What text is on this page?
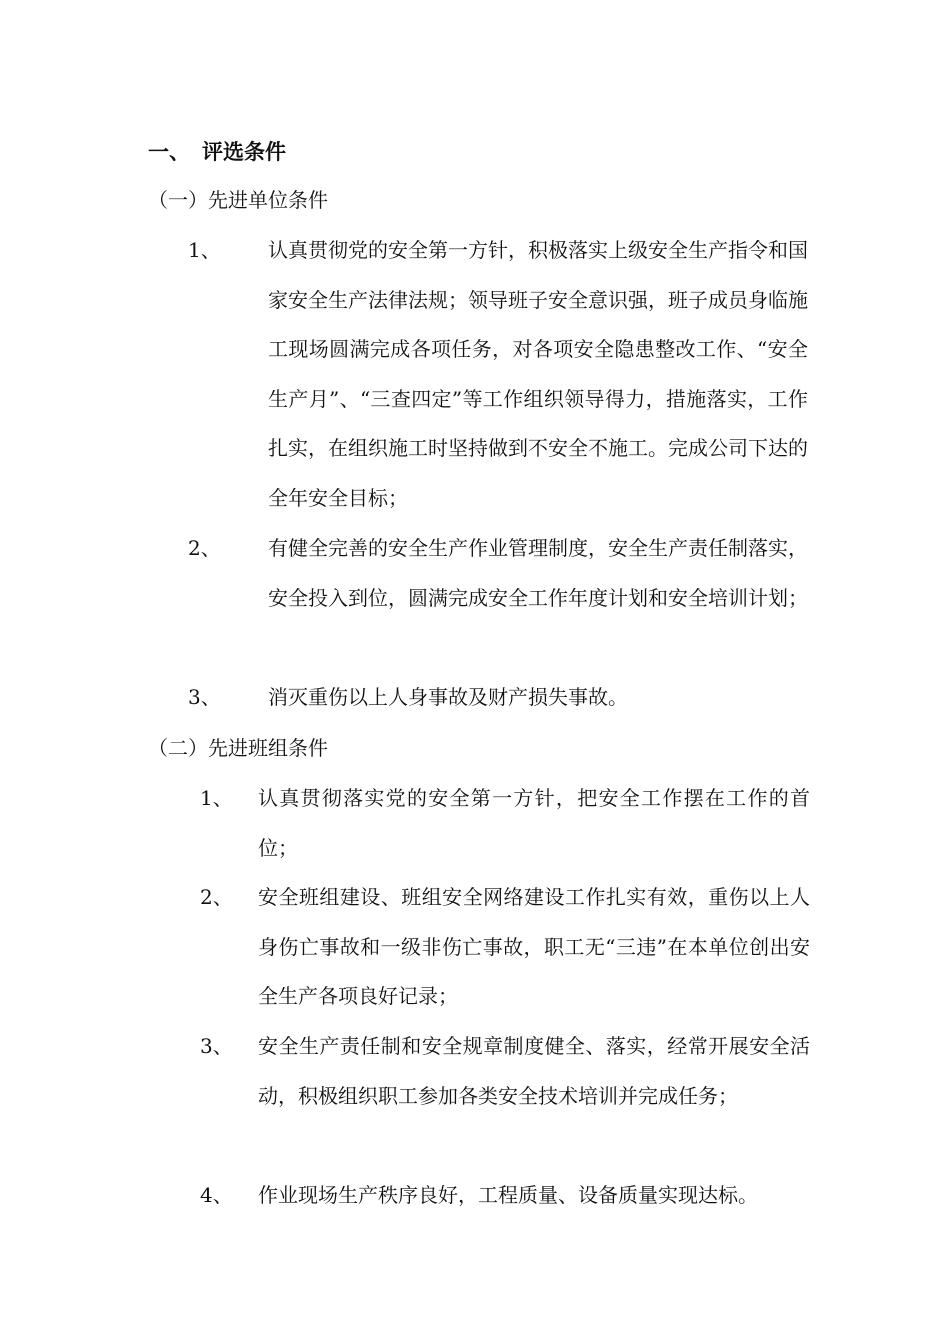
一、 评选条件
（一）先进单位条件
1、 认真贯彻党的安全第一方针，积极落实上级安全生产指令和国家安全生产法律法规；领导班子安全意识强，班子成员身临施工现场圆满完成各项任务，对各项安全隐患整改工作、“安全生产月”、“三查四定”等工作组织领导得力，措施落实，工作扎实，在组织施工时坚持做到不安全不施工。完成公司下达的全年安全目标；
2、 有健全完善的安全生产作业管理制度，安全生产责任制落实，安全投入到位，圆满完成安全工作年度计划和安全培训计划；
3、 消灭重伤以上人身事故及财产损失事故。
（二）先进班组条件
1、 认真贯彻落实党的安全第一方针，把安全工作摆在工作的首位；
2、 安全班组建设、班组安全网络建设工作扎实有效，重伤以上人身伤亡事故和一级非伤亡事故，职工无“三违”在本单位创出安全生产各项良好记录；
3、 安全生产责任制和安全规章制度健全、落实，经常开展安全活动，积极组织职工参加各类安全技术培训并完成任务；
4、 作业现场生产秩序良好，工程质量、设备质量实现达标。
